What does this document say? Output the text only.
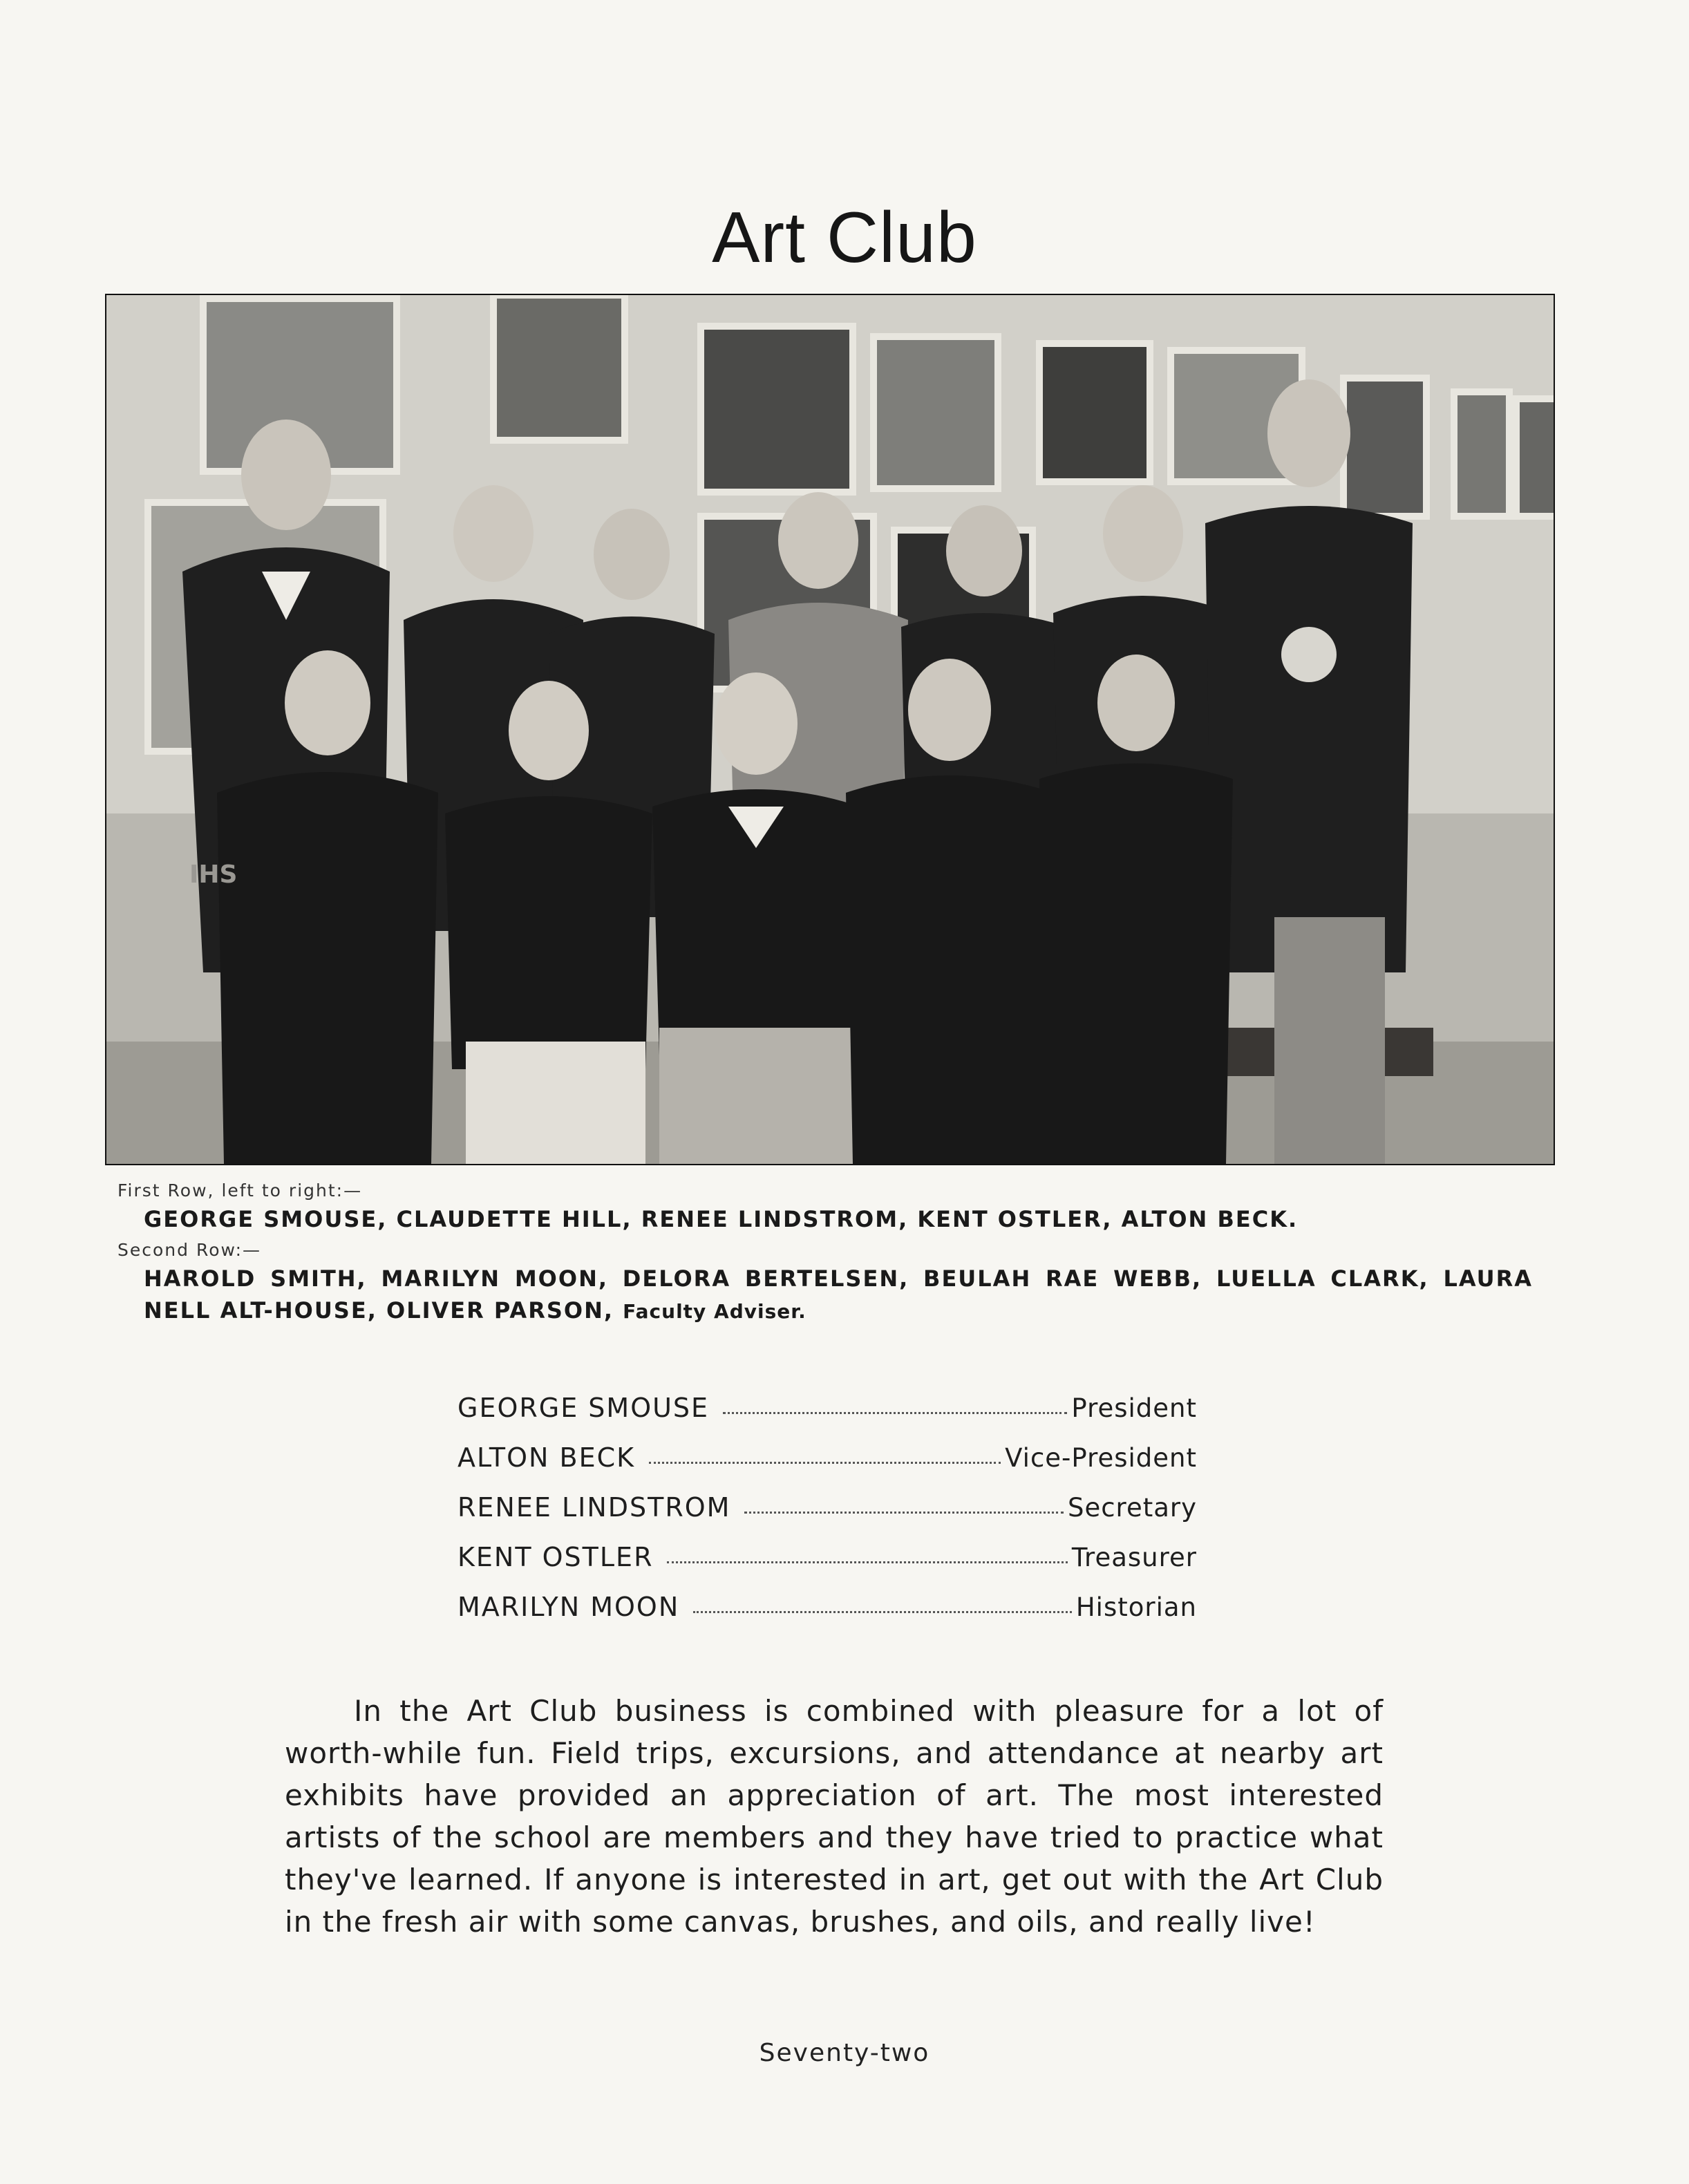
Art Club
IHS

First Row, left to right:—

GEORGE SMOUSE, CLAUDETTE HILL, RENEE LINDSTROM, KENT OSTLER, ALTON BECK.

Second Row:—

HAROLD SMITH, MARILYN MOON, DELORA BERTELSEN, BEULAH RAE WEBB, LUELLA CLARK, LAURA NELL ALT-HOUSE, OLIVER PARSON, Faculty Adviser.

GEORGE SMOUSE	President
ALTON BECK	Vice-President
RENEE LINDSTROM	Secretary
KENT OSTLER	Treasurer
MARILYN MOON	Historian

In the Art Club business is combined with pleasure for a lot of worth-while fun. Field trips, excursions, and attendance at nearby art exhibits have provided an appreciation of art. The most interested artists of the school are members and they have tried to practice what they've learned. If anyone is interested in art, get out with the Art Club in the fresh air with some canvas, brushes, and oils, and really live!

Seventy-two
